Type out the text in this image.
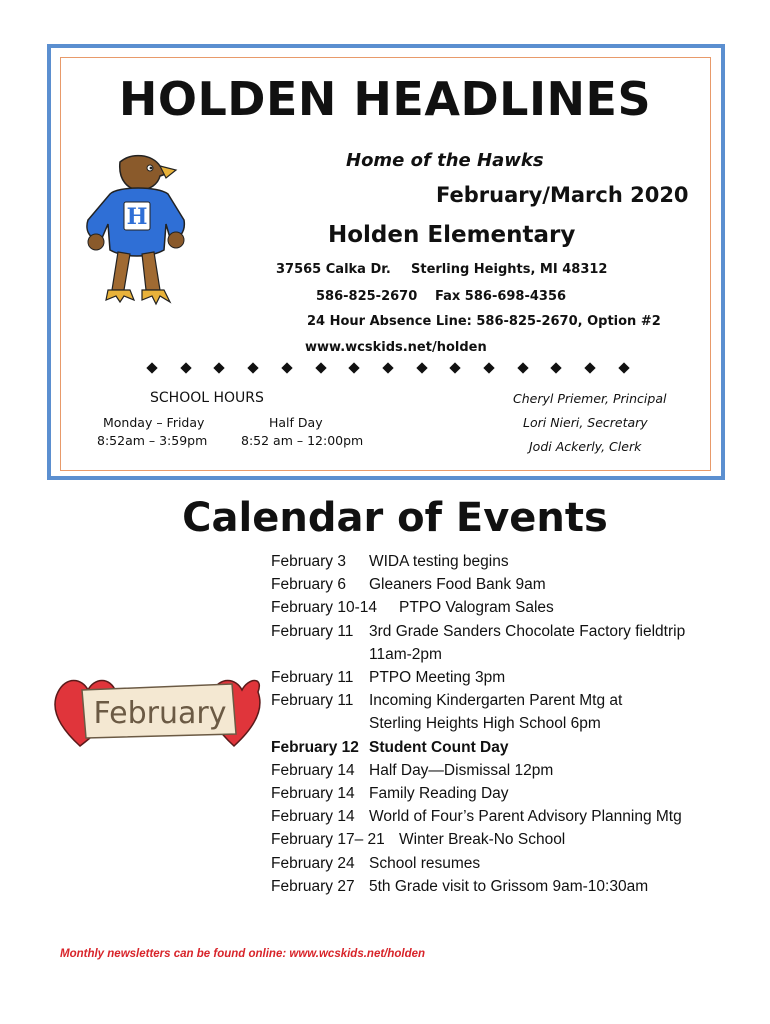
HOLDEN HEADLINES
H
Home of the Hawks
February/March 2020
Holden Elementary
37565 Calka Dr. Sterling Heights, MI 48312
586-825-2670 Fax 586-698-4356
24 Hour Absence Line: 586-825-2670, Option #2
www.wcskids.net/holden
SCHOOL HOURS
Monday – Friday	Half Day
8:52am – 3:59pm	8:52 am – 12:00pm
Cheryl Priemer, Principal
Lori Nieri, Secretary
Jodi Ackerly, Clerk
Calendar of Events
February
February 3	WIDA testing begins
February 6	Gleaners Food Bank 9am
February 10-14	PTPO Valogram Sales
February 11	3rd Grade Sanders Chocolate Factory fieldtrip
11am-2pm
February 11	PTPO Meeting 3pm
February 11	Incoming Kindergarten Parent Mtg at
Sterling Heights High School 6pm
February 12 Student Count Day
February 14 Half Day—Dismissal 12pm
February 14 Family Reading Day
February 14 World of Four’s Parent Advisory Planning Mtg
February 17– 21 Winter Break-No School
February 24 School resumes
February 27 5th Grade visit to Grissom 9am-10:30am
Monthly newsletters can be found online: www.wcskids.net/holden
